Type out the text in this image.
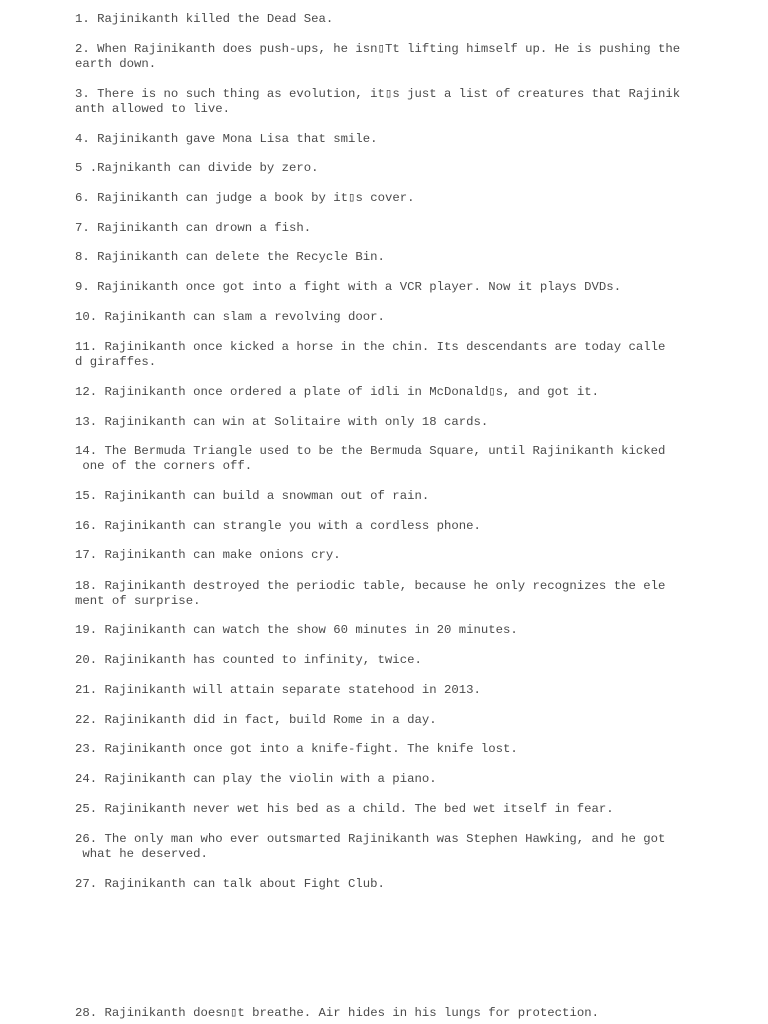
1. Rajinikanth killed the Dead Sea.

2. When Rajinikanth does push-ups, he isn▯Tt lifting himself up. He is pushing the
earth down.

3. There is no such thing as evolution, it▯s just a list of creatures that Rajinik
anth allowed to live.

4. Rajinikanth gave Mona Lisa that smile.

5 .Rajnikanth can divide by zero.

6. Rajinikanth can judge a book by it▯s cover.

7. Rajinikanth can drown a fish.

8. Rajinikanth can delete the Recycle Bin.

9. Rajinikanth once got into a fight with a VCR player. Now it plays DVDs.

10. Rajinikanth can slam a revolving door.

11. Rajinikanth once kicked a horse in the chin. Its descendants are today calle
d giraffes.

12. Rajinikanth once ordered a plate of idli in McDonald▯s, and got it.

13. Rajinikanth can win at Solitaire with only 18 cards.

14. The Bermuda Triangle used to be the Bermuda Square, until Rajinikanth kicked
one of the corners off.

15. Rajinikanth can build a snowman out of rain.

16. Rajinikanth can strangle you with a cordless phone.

17. Rajinikanth can make onions cry.

18. Rajinikanth destroyed the periodic table, because he only recognizes the ele
ment of surprise.

19. Rajinikanth can watch the show 60 minutes in 20 minutes.

20. Rajinikanth has counted to infinity, twice.

21. Rajinikanth will attain separate statehood in 2013.

22. Rajinikanth did in fact, build Rome in a day.

23. Rajinikanth once got into a knife-fight. The knife lost.

24. Rajinikanth can play the violin with a piano.

25. Rajinikanth never wet his bed as a child. The bed wet itself in fear.

26. The only man who ever outsmarted Rajinikanth was Stephen Hawking, and he got
what he deserved.

27. Rajinikanth can talk about Fight Club.

28. Rajinikanth doesn▯t breathe. Air hides in his lungs for protection.
